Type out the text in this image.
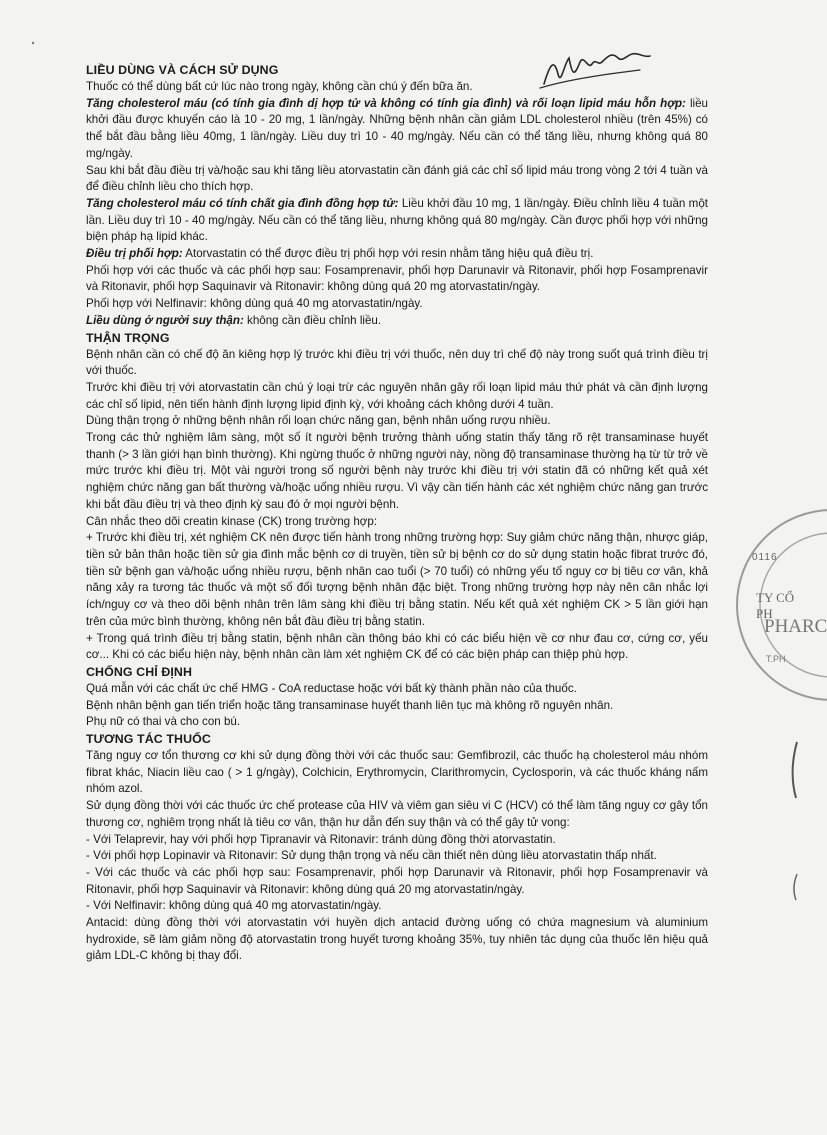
0116
TY CỔ PH
PHARC
T.PH
LIỀU DÙNG VÀ CÁCH SỬ DỤNG

Thuốc có thể dùng bất cứ lúc nào trong ngày, không cần chú ý đến bữa ăn.

Tăng cholesterol máu (có tính gia đình dị hợp tử và không có tính gia đình) và rối loạn lipid máu hỗn hợp: liều khởi đầu được khuyến cáo là 10 - 20 mg, 1 lần/ngày. Những bệnh nhân cần giảm LDL cholesterol nhiều (trên 45%) có thể bắt đầu bằng liều 40mg, 1 lần/ngày. Liều duy trì 10 - 40 mg/ngày. Nếu cần có thể tăng liều, nhưng không quá 80 mg/ngày.

Sau khi bắt đầu điều trị và/hoặc sau khi tăng liều atorvastatin cần đánh giá các chỉ số lipid máu trong vòng 2 tới 4 tuần và để điều chỉnh liều cho thích hợp.

Tăng cholesterol máu có tính chất gia đình đồng hợp tử: Liều khởi đầu 10 mg, 1 lần/ngày. Điều chỉnh liều 4 tuần một lần. Liều duy trì 10 - 40 mg/ngày. Nếu cần có thể tăng liều, nhưng không quá 80 mg/ngày. Cần được phối hợp với những biện pháp hạ lipid khác.

Điều trị phối hợp: Atorvastatin có thể được điều trị phối hợp với resin nhằm tăng hiệu quả điều trị.

Phối hợp với các thuốc và các phối hợp sau: Fosamprenavir, phối hợp Darunavir và Ritonavir, phối hợp Fosamprenavir và Ritonavir, phối hợp Saquinavir và Ritonavir: không dùng quá 20 mg atorvastatin/ngày.

Phối hợp với Nelfinavir: không dùng quá 40 mg atorvastatin/ngày.

Liều dùng ở người suy thận: không cần điều chỉnh liều.

THẬN TRỌNG

Bệnh nhân cần có chế độ ăn kiêng hợp lý trước khi điều trị với thuốc, nên duy trì chế độ này trong suốt quá trình điều trị với thuốc.

Trước khi điều trị với atorvastatin cần chú ý loại trừ các nguyên nhân gây rối loạn lipid máu thứ phát và cần định lượng các chỉ số lipid, nên tiến hành định lượng lipid định kỳ, với khoảng cách không dưới 4 tuần.

Dùng thận trọng ở những bệnh nhân rối loạn chức năng gan, bệnh nhân uống rượu nhiều.

Trong các thử nghiệm lâm sàng, một số ít người bệnh trưởng thành uống statin thấy tăng rõ rệt transaminase huyết thanh (> 3 lần giới hạn bình thường). Khi ngừng thuốc ở những người này, nồng độ transaminase thường hạ từ từ trở về mức trước khi điều trị. Một vài người trong số người bệnh này trước khi điều trị với statin đã có những kết quả xét nghiệm chức năng gan bất thường và/hoặc uống nhiều rượu. Vì vậy cần tiến hành các xét nghiệm chức năng gan trước khi bắt đầu điều trị và theo định kỳ sau đó ở mọi người bệnh.

Cân nhắc theo dõi creatin kinase (CK) trong trường hợp:

+ Trước khi điều trị, xét nghiệm CK nên được tiến hành trong những trường hợp: Suy giảm chức năng thận, nhược giáp, tiền sử bản thân hoặc tiền sử gia đình mắc bệnh cơ di truyền, tiền sử bị bệnh cơ do sử dụng statin hoặc fibrat trước đó, tiền sử bệnh gan và/hoặc uống nhiều rượu, bệnh nhân cao tuổi (> 70 tuổi) có những yếu tố nguy cơ bị tiêu cơ vân, khả năng xảy ra tương tác thuốc và một số đối tượng bệnh nhân đặc biệt. Trong những trường hợp này nên cân nhắc lợi ích/nguy cơ và theo dõi bệnh nhân trên lâm sàng khi điều trị bằng statin. Nếu kết quả xét nghiệm CK > 5 lần giới hạn trên của mức bình thường, không nên bắt đầu điều trị bằng statin.

+ Trong quá trình điều trị bằng statin, bệnh nhân cần thông báo khi có các biểu hiện về cơ như đau cơ, cứng cơ, yếu cơ... Khi có các biểu hiện này, bệnh nhân cần làm xét nghiệm CK để có các biện pháp can thiệp phù hợp.

CHỐNG CHỈ ĐỊNH

Quá mẫn với các chất ức chế HMG - CoA reductase hoặc với bất kỳ thành phần nào của thuốc.

Bệnh nhân bệnh gan tiến triển hoặc tăng transaminase huyết thanh liên tục mà không rõ nguyên nhân.

Phụ nữ có thai và cho con bú.

TƯƠNG TÁC THUỐC

Tăng nguy cơ tổn thương cơ khi sử dụng đồng thời với các thuốc sau: Gemfibrozil, các thuốc hạ cholesterol máu nhóm fibrat khác, Niacin liều cao ( > 1 g/ngày), Colchicin, Erythromycin, Clarithromycin, Cyclosporin, và các thuốc kháng nấm nhóm azol.

Sử dụng đồng thời với các thuốc ức chế protease của HIV và viêm gan siêu vi C (HCV) có thể làm tăng nguy cơ gây tổn thương cơ, nghiêm trọng nhất là tiêu cơ vân, thận hư dẫn đến suy thận và có thể gây tử vong:

- Với Telaprevir, hay với phối hợp Tipranavir và Ritonavir: tránh dùng đồng thời atorvastatin.

- Với phối hợp Lopinavir và Ritonavir: Sử dụng thận trọng và nếu cần thiết nên dùng liều atorvastatin thấp nhất.

- Với các thuốc và các phối hợp sau: Fosamprenavir, phối hợp Darunavir và Ritonavir, phối hợp Fosamprenavir và Ritonavir, phối hợp Saquinavir và Ritonavir: không dùng quá 20 mg atorvastatin/ngày.

- Với Nelfinavir: không dùng quá 40 mg atorvastatin/ngày.

Antacid: dùng đồng thời với atorvastatin với huyền dịch antacid đường uống có chứa magnesium và aluminium hydroxide, sẽ làm giảm nồng độ atorvastatin trong huyết tương khoảng 35%, tuy nhiên tác dụng của thuốc lên hiệu quả giảm LDL-C không bị thay đổi.
